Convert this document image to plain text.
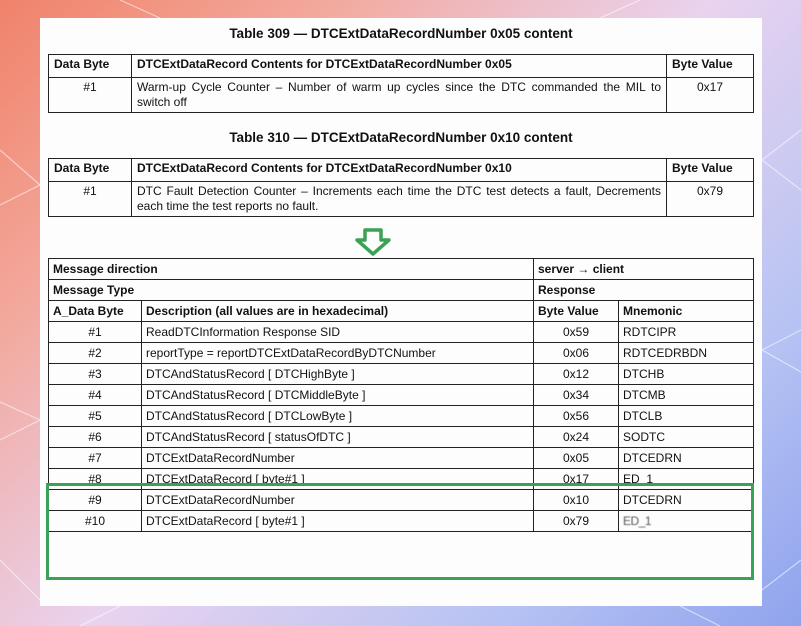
Table 309 — DTCExtDataRecordNumber 0x05 content
Data Byte	DTCExtDataRecord Contents for DTCExtDataRecordNumber 0x05	Byte Value
#1	Warm-up Cycle Counter – Number of warm up cycles since the DTC commanded the MIL to switch off	0x17
Table 310 — DTCExtDataRecordNumber 0x10 content
Data Byte	DTCExtDataRecord Contents for DTCExtDataRecordNumber 0x10	Byte Value
#1	DTC Fault Detection Counter – Increments each time the DTC test detects a fault, Decrements each time the test reports no fault.	0x79
Message direction		server → client	
Message Type		Response	
A_Data Byte	Description (all values are in hexadecimal)	Byte Value	Mnemonic
#1	ReadDTCInformation Response SID	0x59	RDTCIPR
#2	reportType = reportDTCExtDataRecordByDTCNumber	0x06	RDTCEDRBDN
#3	DTCAndStatusRecord [ DTCHighByte ]	0x12	DTCHB
#4	DTCAndStatusRecord [ DTCMiddleByte ]	0x34	DTCMB
#5	DTCAndStatusRecord [ DTCLowByte ]	0x56	DTCLB
#6	DTCAndStatusRecord [ statusOfDTC ]	0x24	SODTC
#7	DTCExtDataRecordNumber	0x05	DTCEDRN
#8	DTCExtDataRecord [ byte#1 ]	0x17	ED_1
#9	DTCExtDataRecordNumber	0x10	DTCEDRN
#10	DTCExtDataRecord [ byte#1 ]	0x79	ED_1
